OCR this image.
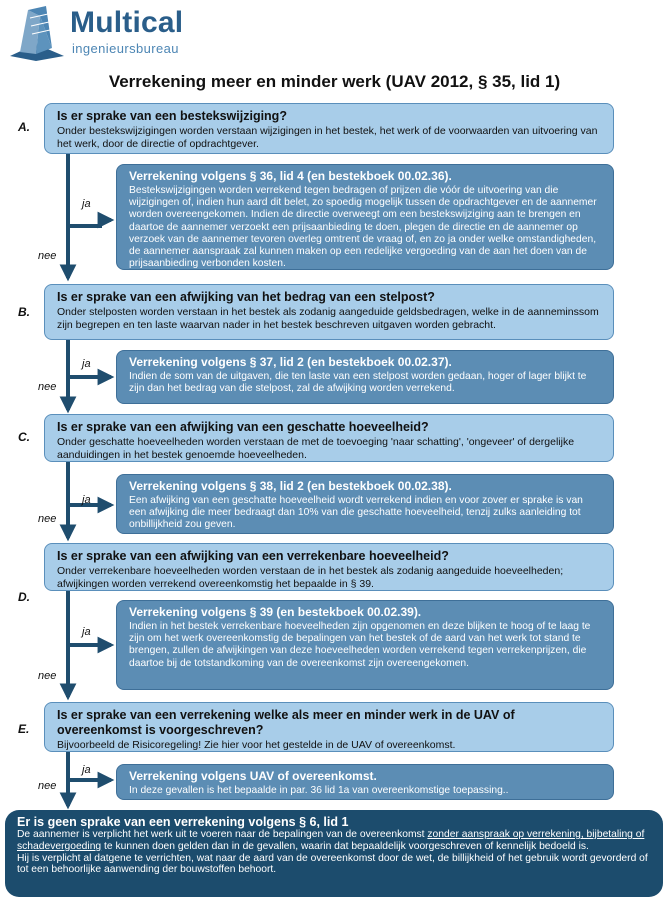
Multical
ingenieursbureau
Verrekening meer en minder werk (UAV 2012, § 35, lid 1)
A.
Is er sprake van een bestekswijziging?
Onder bestekswijzigingen worden verstaan wijzigingen in het bestek, het werk of de voorwaarden van uitvoering van het werk, door de directie of opdrachtgever.
ja
nee
Verrekening volgens § 36, lid 4 (en bestekboek 00.02.36).
Bestekswijzigingen worden verrekend tegen bedragen of prijzen die vóór de uitvoering van die wijzigingen of, indien hun aard dit belet, zo spoedig mogelijk tussen de opdrachtgever en de aannemer worden overeengekomen. Indien de directie overweegt om een bestekswijziging aan te brengen en daartoe de aannemer verzoekt een prijsaanbieding te doen, plegen de directie en de aannemer op verzoek van de aannemer tevoren overleg omtrent de vraag of, en zo ja onder welke omstandigheden, de aannemer aanspraak zal kunnen maken op een redelijke vergoeding van de aan het doen van de prijsaanbieding verbonden kosten.
B.
Is er sprake van een afwijking van het bedrag van een stelpost?
Onder stelposten worden verstaan in het bestek als zodanig aangeduide geldsbedragen, welke in de aanneminssom zijn begrepen en ten laste waarvan nader in het bestek beschreven uitgaven worden gebracht.
ja
nee
Verrekening volgens § 37, lid 2 (en bestekboek 00.02.37).
Indien de som van de uitgaven, die ten laste van een stelpost worden gedaan, hoger of lager blijkt te zijn dan het bedrag van die stelpost, zal de afwijking worden verrekend.
C.
Is er sprake van een afwijking van een geschatte hoeveelheid?
Onder geschatte hoeveelheden worden verstaan de met de toevoeging 'naar schatting', 'ongeveer' of dergelijke aanduidingen in het bestek genoemde hoeveelheden.
ja
nee
Verrekening volgens § 38, lid 2 (en bestekboek 00.02.38).
Een afwijking van een geschatte hoeveelheid wordt verrekend indien en voor zover er sprake is van een afwijking die meer bedraagt dan 10% van die geschatte hoeveelheid, tenzij zulks aanleiding tot onbillijkheid zou geven.
D.
Is er sprake van een afwijking van een verrekenbare hoeveelheid?
Onder verrekenbare hoeveelheden worden verstaan de in het bestek als zodanig aangeduide hoeveelheden; afwijkingen worden verrekend overeenkomstig het bepaalde in § 39.
ja
nee
Verrekening volgens § 39 (en bestekboek 00.02.39).
Indien in het bestek verrekenbare hoeveelheden zijn opgenomen en deze blijken te hoog of te laag te zijn om het werk overeenkomstig de bepalingen van het bestek of de aard van het werk tot stand te brengen, zullen de afwijkingen van deze hoeveelheden worden verrekend tegen verrekenprijzen, die daartoe bij de totstandkoming van de overeenkomst zijn overeengekomen.
E.
Is er sprake van een verrekening welke als meer en minder werk in de UAV of overeenkomst is voorgeschreven?
Bijvoorbeeld de Risicoregeling! Zie hier voor het gestelde in de UAV of overeenkomst.
ja
nee
Verrekening volgens UAV of overeenkomst.
In deze gevallen is het bepaalde in par. 36 lid 1a van overeenkomstige toepassing..
Er is geen sprake van een verrekening volgens § 6, lid 1
De aannemer is verplicht het werk uit te voeren naar de bepalingen van de overeenkomst zonder aanspraak op verrekening, bijbetaling of schadevergoeding te kunnen doen gelden dan in de gevallen, waarin dat bepaaldelijk voorgeschreven of kennelijk bedoeld is.
Hij is verplicht al datgene te verrichten, wat naar de aard van de overeenkomst door de wet, de billijkheid of het gebruik wordt gevorderd of tot een behoorlijke aanwending der bouwstoffen behoort.
